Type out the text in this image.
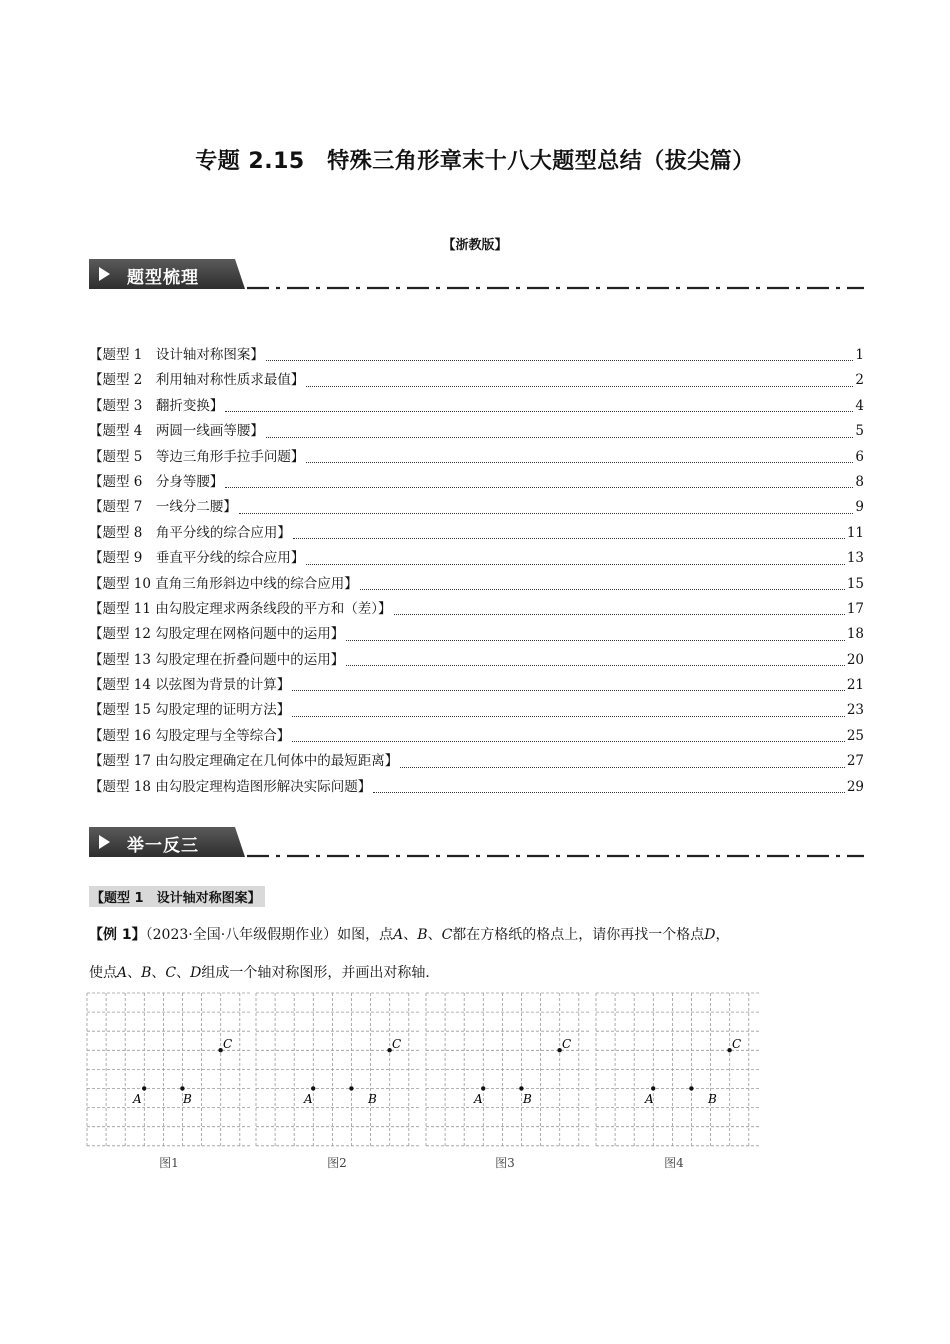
专题 2.15　特殊三角形章末十八大题型总结（拔尖篇）
【浙教版】
题型梳理
【题型 1　设计轴对称图案】	1
【题型 2　利用轴对称性质求最值】	2
【题型 3　翻折变换】	4
【题型 4　两圆一线画等腰】	5
【题型 5　等边三角形手拉手问题】	6
【题型 6　分身等腰】	8
【题型 7　一线分二腰】	9
【题型 8　角平分线的综合应用】	11
【题型 9　垂直平分线的综合应用】	13
【题型 10 直角三角形斜边中线的综合应用】	15
【题型 11 由勾股定理求两条线段的平方和（差）】	17
【题型 12 勾股定理在网格问题中的运用】	18
【题型 13 勾股定理在折叠问题中的运用】	20
【题型 14 以弦图为背景的计算】	21
【题型 15 勾股定理的证明方法】	23
【题型 16 勾股定理与全等综合】	25
【题型 17 由勾股定理确定在几何体中的最短距离】	27
【题型 18 由勾股定理构造图形解决实际问题】	29
举一反三
【题型 1　设计轴对称图案】
【例 1】（2023·全国·八年级假期作业）如图，点A、B、C都在方格纸的格点上，请你再找一个格点D，
使点A、B、C、D组成一个轴对称图形，并画出对称轴．
A	B
C
图1
A	B
C
图2
A	B
C
图3
A	B
C
图4
